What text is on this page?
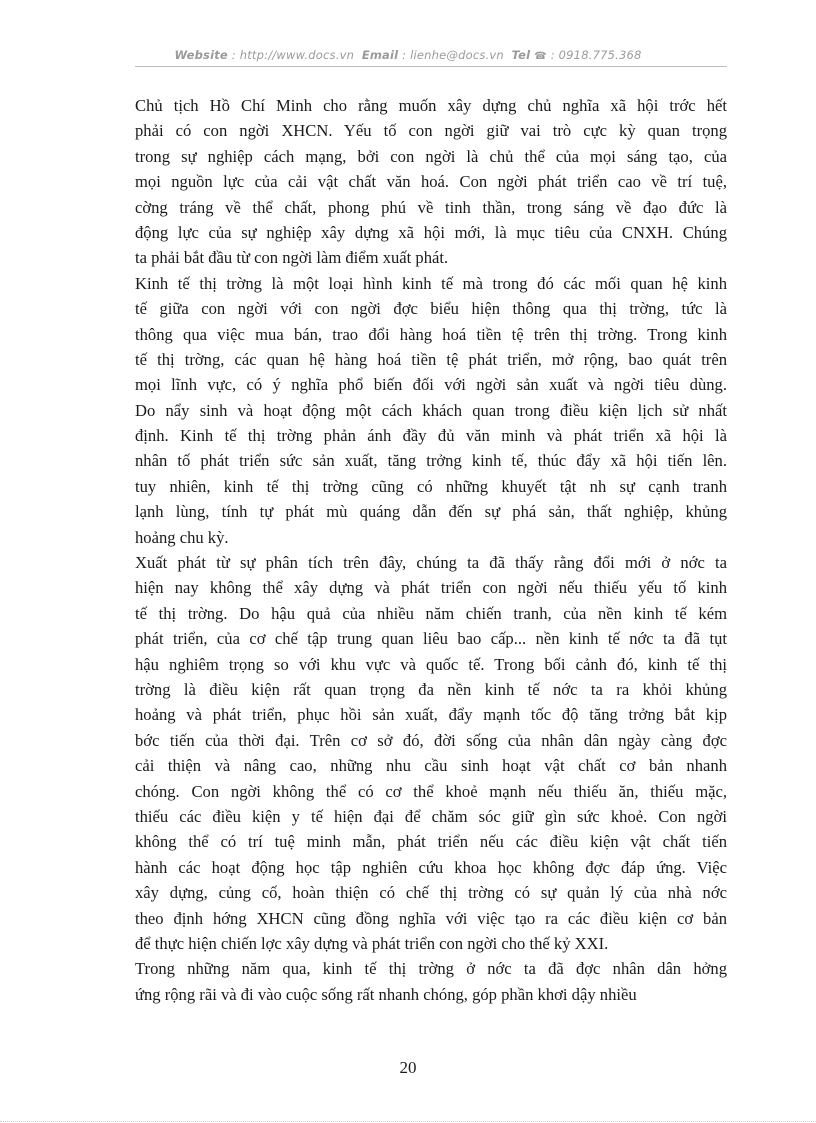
Website : http://www.docs.vn Email : lienhe@docs.vn Tel ☎ : 0918.775.368
Chủ tịch Hồ Chí Minh cho rằng muốn xây dựng chủ nghĩa xã hội trớc hết
phải có con ngời XHCN. Yếu tố con ngời giữ vai trò cực kỳ quan trọng
trong sự nghiệp cách mạng, bởi con ngời là chủ thể của mọi sáng tạo, của
mọi nguồn lực của cải vật chất văn hoá. Con ngời phát triển cao về trí tuệ,
cờng tráng về thể chất, phong phú về tinh thần, trong sáng về đạo đức là
động lực của sự nghiệp xây dựng xã hội mới, là mục tiêu của CNXH. Chúng
ta phải bắt đầu từ con ngời làm điểm xuất phát.
Kinh tế thị trờng là một loại hình kinh tế mà trong đó các mối quan hệ kinh
tế giữa con ngời với con ngời đợc biểu hiện thông qua thị trờng, tức là
thông qua việc mua bán, trao đổi hàng hoá tiền tệ trên thị trờng. Trong kinh
tế thị trờng, các quan hệ hàng hoá tiền tệ phát triển, mở rộng, bao quát trên
mọi lĩnh vực, có ý nghĩa phổ biến đối với ngời sản xuất và ngời tiêu dùng.
Do nẩy sinh và hoạt động một cách khách quan trong điều kiện lịch sử nhất
định. Kinh tế thị trờng phản ánh đầy đủ văn minh và phát triển xã hội là
nhân tố phát triển sức sản xuất, tăng trởng kinh tế, thúc đẩy xã hội tiến lên.
tuy nhiên, kinh tế thị trờng cũng có những khuyết tật nh sự cạnh tranh
lạnh lùng, tính tự phát mù quáng dẫn đến sự phá sản, thất nghiệp, khủng
hoảng chu kỳ.
Xuất phát từ sự phân tích trên đây, chúng ta đã thấy rằng đổi mới ở nớc ta
hiện nay không thể xây dựng và phát triển con ngời nếu thiếu yếu tố kinh
tế thị trờng. Do hậu quả của nhiều năm chiến tranh, của nền kinh tế kém
phát triển, của cơ chế tập trung quan liêu bao cấp... nền kinh tế nớc ta đã tụt
hậu nghiêm trọng so với khu vực và quốc tế. Trong bối cảnh đó, kinh tế thị
trờng là điều kiện rất quan trọng đa nền kinh tế nớc ta ra khỏi khủng
hoảng và phát triển, phục hồi sản xuất, đẩy mạnh tốc độ tăng trởng bắt kịp
bớc tiến của thời đại. Trên cơ sở đó, đời sống của nhân dân ngày càng đợc
cải thiện và nâng cao, những nhu cầu sinh hoạt vật chất cơ bản nhanh
chóng. Con ngời không thể có cơ thể khoẻ mạnh nếu thiếu ăn, thiếu mặc,
thiếu các điều kiện y tế hiện đại để chăm sóc giữ gìn sức khoẻ. Con ngời
không thể có trí tuệ minh mẫn, phát triển nếu các điều kiện vật chất tiến
hành các hoạt động học tập nghiên cứu khoa học không đợc đáp ứng. Việc
xây dựng, củng cố, hoàn thiện có chế thị trờng có sự quản lý của nhà nớc
theo định hớng XHCN cũng đồng nghĩa với việc tạo ra các điều kiện cơ bản
để thực hiện chiến lợc xây dựng và phát triển con ngời cho thế kỷ XXI.
Trong những năm qua, kinh tế thị trờng ở nớc ta đã đợc nhân dân hởng
ứng rộng rãi và đi vào cuộc sống rất nhanh chóng, góp phần khơi dậy nhiều
20
